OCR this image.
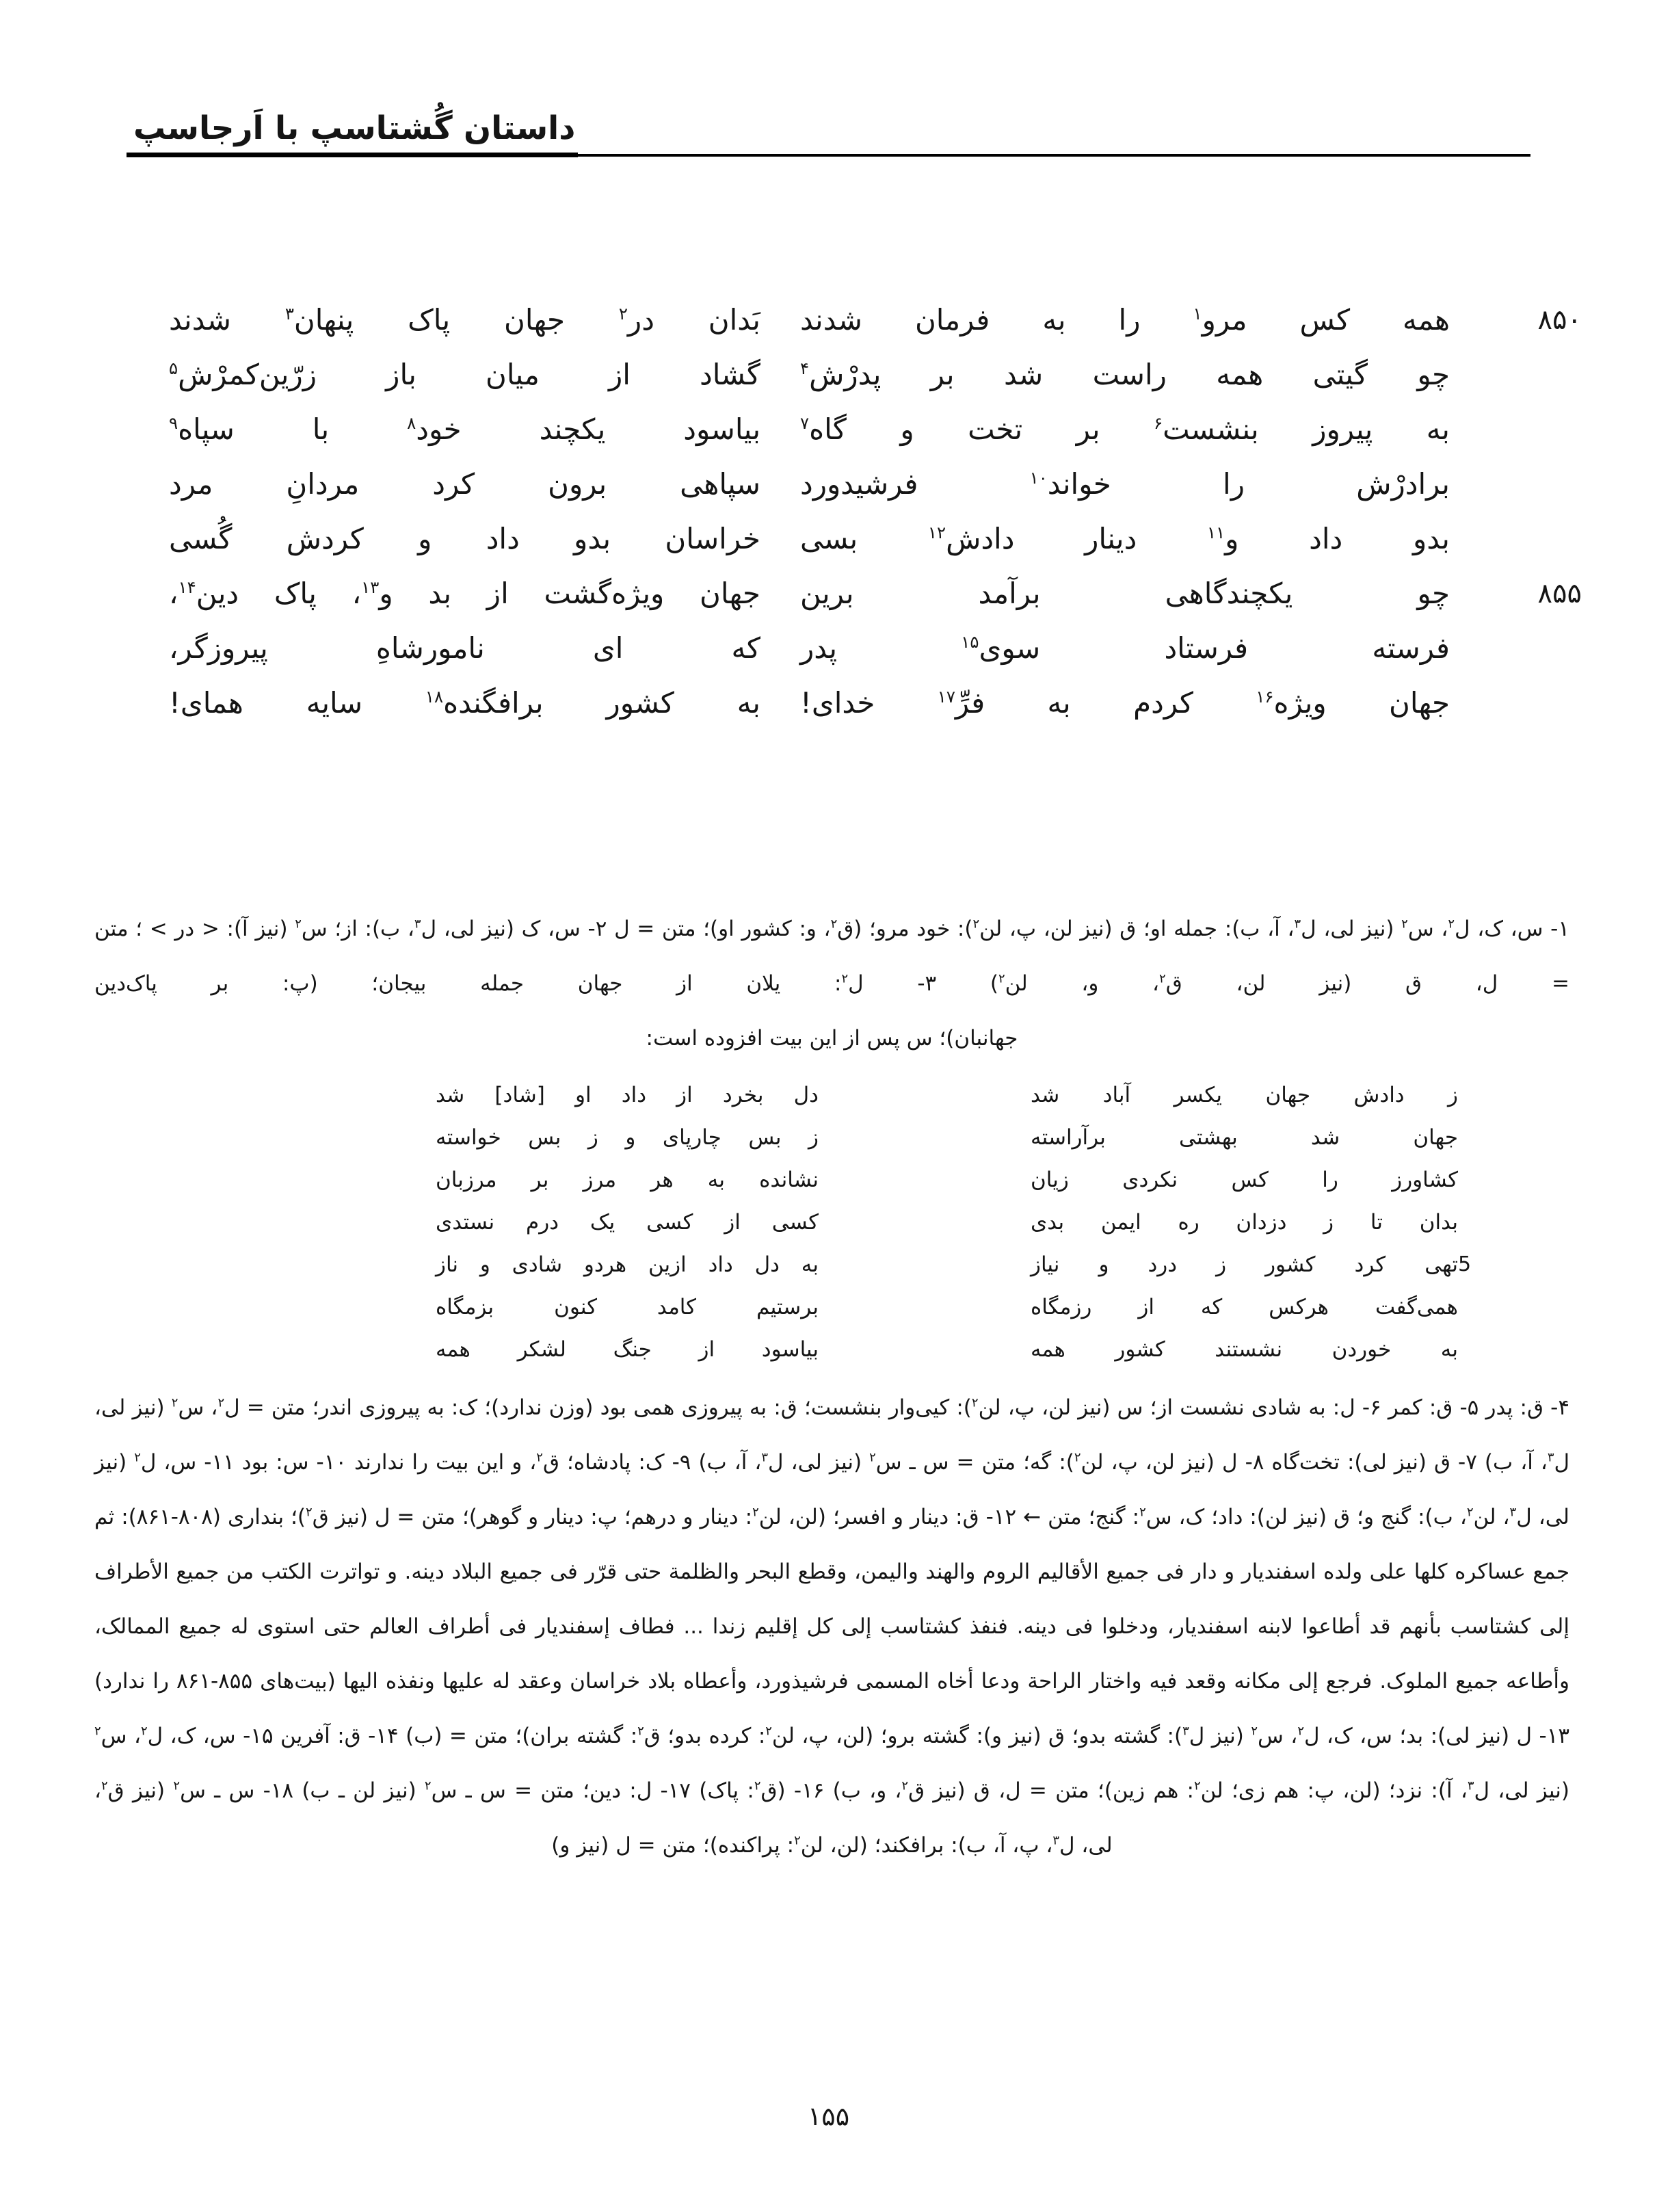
داستان گُشتاسپ با اَرجاسپ
۸۵۰
همه کس مرو$^۱$ را به فرمان شدند
بَدان در$^۲$ جهان پاک پنهان$^۳$ شدند
چو گیتی همه راست شد بر پدرْش$^۴$
گشاد از میان باز زرّین‌کمرْش$^۵$
به پیروز بنشست$^۶$ بر تخت و گاه$^۷$
بیاسود یکچند خود$^۸$ با سپاه$^۹$
برادرْش را خواند$^{۱۰}$ فرشیدورد
سپاهی برون کرد مردانِ مرد
بدو داد و$^{۱۱}$ دینار دادش$^{۱۲}$ بسی
خراسان بدو داد و کردش گُسی
۸۵۵
چو یکچندگاهی برآمد برین
جهان ویژه‌گشت از بد و$^{۱۳}$، پاک دین$^{۱۴}$،
فرسته فرستاد سوی$^{۱۵}$ پدر
که ای نامورشاهِ پیروزگر،
جهان ویژه$^{۱۶}$ کردم به فرِّ$^{۱۷}$ خدای!
به کشور برافگنده$^{۱۸}$ سایه همای!
۱- س، ک، ل$^۲$، س$^۲$ (نیز لی، ل$^۳$، آ، ب): جمله او؛ ق (نیز لن، پ، لن$^۲$): خود مرو؛ (ق$^۲$، و: کشور او)؛ متن = ل ۲- س، ک (نیز لی، ل$^۳$، ب): از؛ س$^۲$ (نیز آ): < در > ؛ متن = ل، ق (نیز لن، ق$^۲$، و، لن$^۲$) ۳- ل$^۲$: یلان از جهان جمله بیجان؛ (پ: بر پاک‌دین
جهانبان)؛ س پس از این بیت افزوده است:
ز دادش جهان یکسر آباد شد
دل بخرد از داد او [شاد] شد
جهان شد بهشتی برآراسته
ز بس چارپای و ز بس خواسته
کشاورز را کس نکردی زیان
نشانده به هر مرز بر مرزبان
بدان تا ز دزدان ره ایمن بدی
کسی از کسی یک درم نستدی
5
تهی کرد کشور ز درد و نیاز
به دل داد ازین هردو شادی و ناز
همی‌گفت هرکس که از رزمگاه
برستیم کامد کنون بزمگاه
به خوردن نشستند کشور همه
بیاسود از جنگ لشکر همه
۴- ق: پدر ۵- ق: کمر ۶- ل: به شادی نشست از؛ س (نیز لن، پ، لن$^۲$): کیی‌وار بنشست؛ ق: به پیروزی همی بود (وزن ندارد)؛ ک: به پیروزی اندر؛ متن = ل$^۲$، س$^۲$ (نیز لی، ل$^۳$، آ، ب) ۷- ق (نیز لی): تخت‌گاه ۸- ل (نیز لن، پ، لن$^۲$): گه؛ متن = س ـ س$^۲$ (نیز لی، ل$^۳$، آ، ب) ۹- ک: پادشاه؛ ق$^۲$، و این بیت را ندارند ۱۰- س: بود ۱۱- س، ل$^۲$ (نیز لی، ل$^۳$، لن$^۲$، ب): گنج و؛ ق (نیز لن): داد؛ ک، س$^۲$: گنج؛ متن ← ۱۲- ق: دینار و افسر؛ (لن، لن$^۲$: دینار و درهم؛ پ: دینار و گوهر)؛ متن = ل (نیز ق$^۲$)؛ بنداری (۸۰۸-۸۶۱): ثم جمع عساکره کلها علی ولده اسفندیار و دار فی جمیع الأقالیم الروم والهند والیمن، وقطع البحر والظلمة حتی قرّر فی جمیع البلاد دینه. و تواترت الکتب من جمیع الأطراف إلی کشتاسب بأنهم قد أطاعوا لابنه اسفندیار، ودخلوا فی دینه. فنفذ کشتاسب إلی کل إقلیم زندا ... فطاف إسفندیار فی أطراف العالم حتی استوی له جمیع الممالک، وأطاعه جمیع الملوک. فرجع إلی مکانه وقعد فیه واختار الراحة ودعا أخاه المسمی فرشیذورد، وأعطاه بلاد خراسان وعقد له علیها ونفذه الیها (بیت‌های ۸۵۵-۸۶۱ را ندارد) ۱۳- ل (نیز لی): بد؛ س، ک، ل$^۲$، س$^۲$ (نیز ل$^۳$): گشته بدو؛ ق (نیز و): گشته برو؛ (لن، پ، لن$^۲$: کرده بدو؛ ق$^۲$: گشته بران)؛ متن = (ب) ۱۴- ق: آفرین ۱۵- س، ک، ل$^۲$، س$^۲$ (نیز لی، ل$^۳$، آ): نزد؛ (لن، پ: هم زی؛ لن$^۲$: هم زین)؛ متن = ل، ق (نیز ق$^۲$، و، ب) ۱۶- (ق$^۲$: پاک) ۱۷- ل: دین؛ متن = س ـ س$^۲$ (نیز لن ـ ب) ۱۸- س ـ س$^۲$ (نیز ق$^۲$،
لی، ل$^۳$، پ، آ، ب): برافکند؛ (لن، لن$^۲$: پراکنده)؛ متن = ل (نیز و)
۱۵۵
